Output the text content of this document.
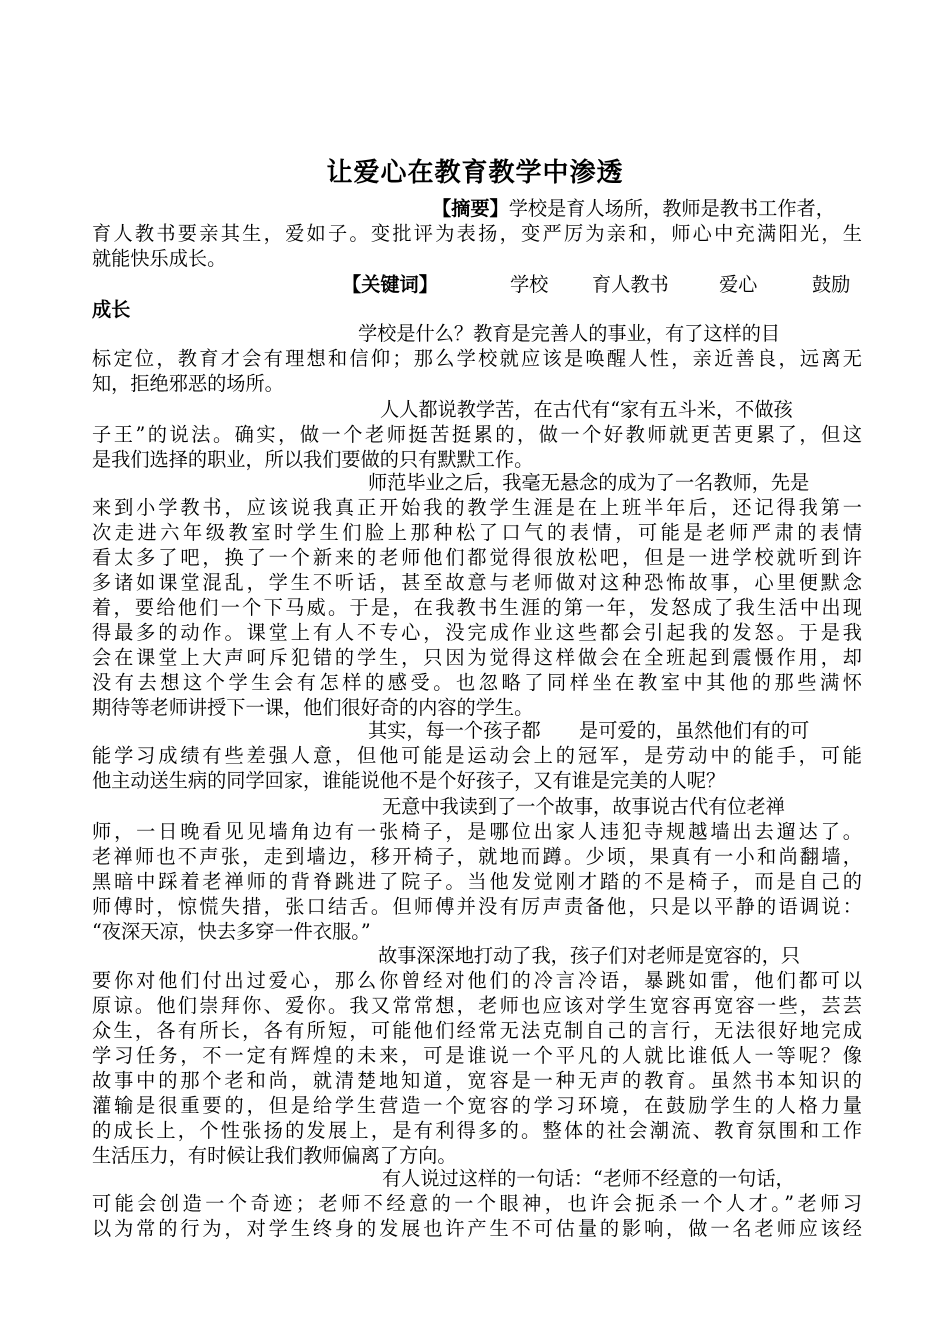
让爱心在教育教学中渗透
【摘要】学校是育人场所，教师是教书工作者，
育人教书要亲其生，爱如子。变批评为表扬，变严厉为亲和，师心中充满阳光，生
就能快乐成长。
【关键词】	学校 育人教书	爱心	鼓励
成长
学校是什么？教育是完善人的事业，有了这样的目
标定位，教育才会有理想和信仰；那么学校就应该是唤醒人性，亲近善良，远离无
知，拒绝邪恶的场所。
人人都说教学苦，在古代有“家有五斗米，不做孩
子王”的说法。确实，做一个老师挺苦挺累的，做一个好教师就更苦更累了，但这
是我们选择的职业，所以我们要做的只有默默工作。
师范毕业之后，我毫无悬念的成为了一名教师，先是
来到小学教书，应该说我真正开始我的教学生涯是在上班半年后，还记得我第一
次走进六年级教室时学生们脸上那种松了口气的表情，可能是老师严肃的表情
看太多了吧，换了一个新来的老师他们都觉得很放松吧，但是一进学校就听到许
多诸如课堂混乱，学生不听话，甚至故意与老师做对这种恐怖故事，心里便默念
着，要给他们一个下马威。于是，在我教书生涯的第一年，发怒成了我生活中出现
得最多的动作。课堂上有人不专心，没完成作业这些都会引起我的发怒。于是我
会在课堂上大声呵斥犯错的学生，只因为觉得这样做会在全班起到震慑作用，却
没有去想这个学生会有怎样的感受。也忽略了同样坐在教室中其他的那些满怀
期待等老师讲授下一课，他们很好奇的内容的学生。
其实，每一个孩子都　　是可爱的，虽然他们有的可
能学习成绩有些差强人意，但他可能是运动会上的冠军，是劳动中的能手，可能
他主动送生病的同学回家，谁能说他不是个好孩子，又有谁是完美的人呢？
无意中我读到了一个故事，故事说古代有位老禅
师，一日晚看见见墙角边有一张椅子，是哪位出家人违犯寺规越墙出去遛达了。
老禅师也不声张，走到墙边，移开椅子，就地而蹲。少顷，果真有一小和尚翻墙，
黑暗中踩着老禅师的背脊跳进了院子。当他发觉刚才踏的不是椅子，而是自己的
师傅时，惊慌失措，张口结舌。但师傅并没有厉声责备他，只是以平静的语调说：
“夜深天凉，快去多穿一件衣服。”
故事深深地打动了我，孩子们对老师是宽容的，只
要你对他们付出过爱心，那么你曾经对他们的冷言冷语，暴跳如雷，他们都可以
原谅。他们崇拜你、爱你。我又常常想，老师也应该对学生宽容再宽容一些，芸芸
众生，各有所长，各有所短，可能他们经常无法克制自己的言行，无法很好地完成
学习任务，不一定有辉煌的未来，可是谁说一个平凡的人就比谁低人一等呢？像
故事中的那个老和尚，就清楚地知道，宽容是一种无声的教育。虽然书本知识的
灌输是很重要的，但是给学生营造一个宽容的学习环境，在鼓励学生的人格力量
的成长上，个性张扬的发展上，是有利得多的。整体的社会潮流、教育氛围和工作
生活压力，有时候让我们教师偏离了方向。
有人说过这样的一句话：“老师不经意的一句话，
可能会创造一个奇迹；老师不经意的一个眼神，也许会扼杀一个人才。”老师习
以为常的行为，对学生终身的发展也许产生不可估量的影响，做一名老师应该经
